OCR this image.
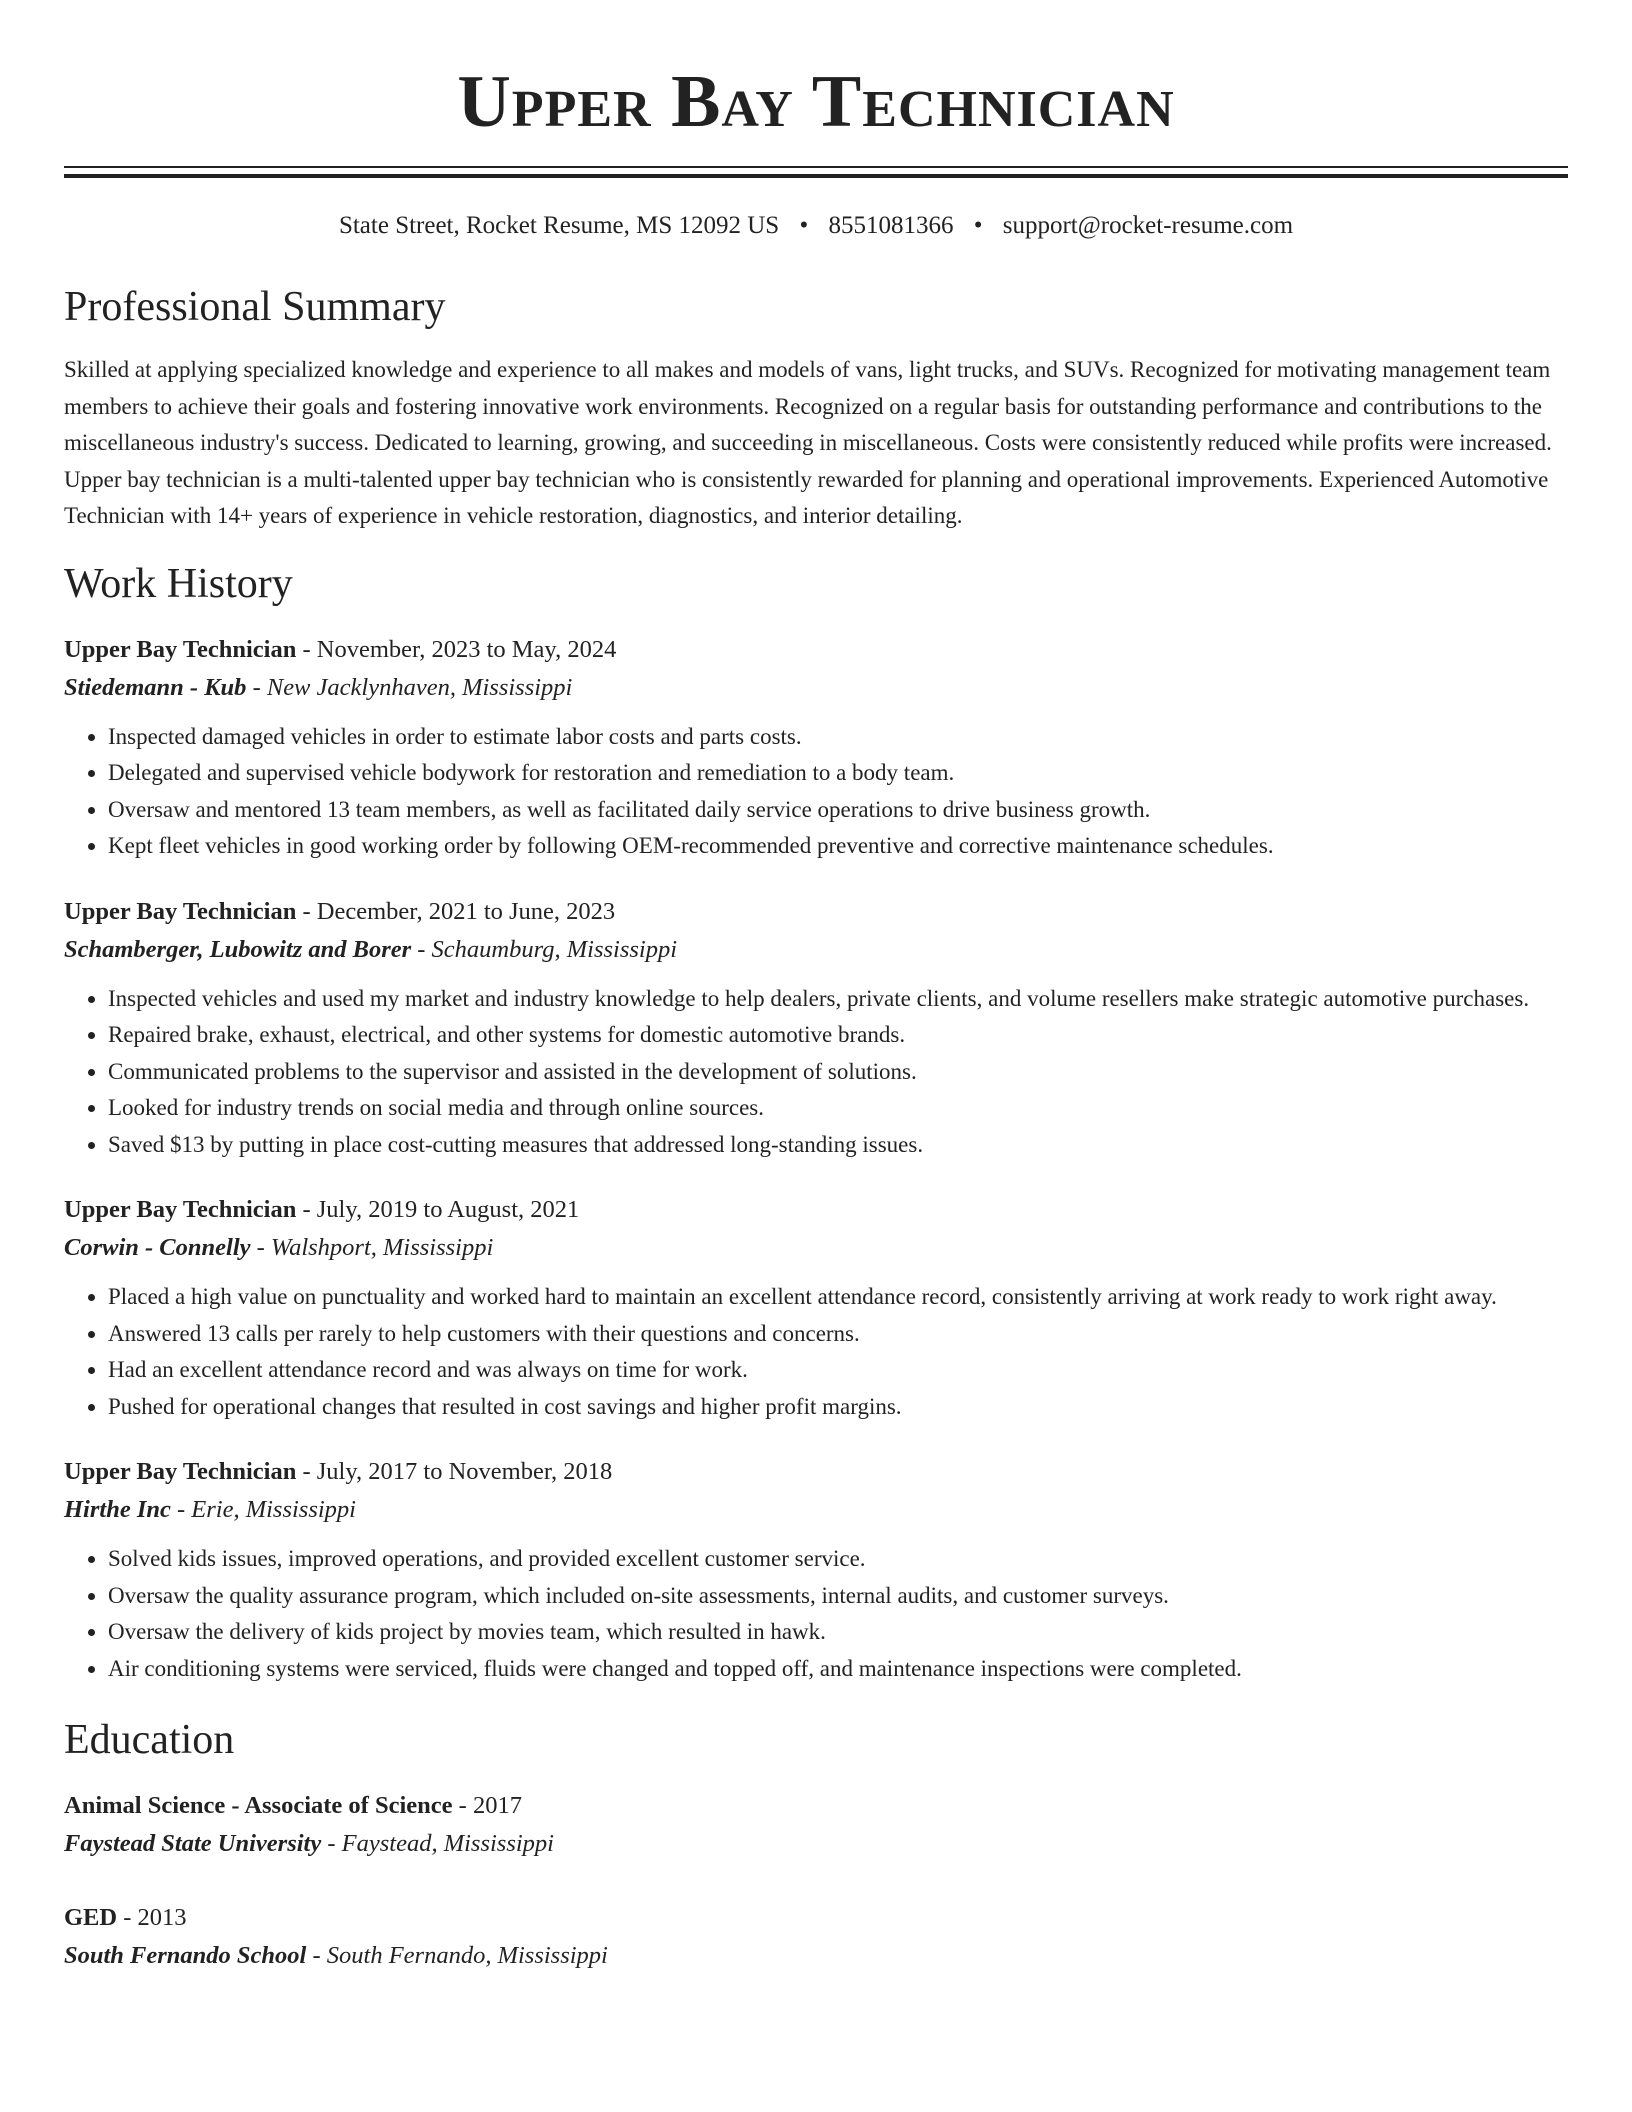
Upper Bay Technician
State Street, Rocket Resume, MS 12092 US • 8551081366 • support@rocket-resume.com
Professional Summary

Skilled at applying specialized knowledge and experience to all makes and models of vans, light trucks, and SUVs. Recognized for motivating management team members to achieve their goals and fostering innovative work environments. Recognized on a regular basis for outstanding performance and contributions to the miscellaneous industry's success. Dedicated to learning, growing, and succeeding in miscellaneous. Costs were consistently reduced while profits were increased. Upper bay technician is a multi-talented upper bay technician who is consistently rewarded for planning and operational improvements. Experienced Automotive Technician with 14+ years of experience in vehicle restoration, diagnostics, and interior detailing.

Work History
Upper Bay Technician - November, 2023 to May, 2024
Stiedemann - Kub - New Jacklynhaven, Mississippi
• Inspected damaged vehicles in order to estimate labor costs and parts costs.
• Delegated and supervised vehicle bodywork for restoration and remediation to a body team.
• Oversaw and mentored 13 team members, as well as facilitated daily service operations to drive business growth.
• Kept fleet vehicles in good working order by following OEM-recommended preventive and corrective maintenance schedules.
Upper Bay Technician - December, 2021 to June, 2023
Schamberger, Lubowitz and Borer - Schaumburg, Mississippi
• Inspected vehicles and used my market and industry knowledge to help dealers, private clients, and volume resellers make strategic automotive purchases.
• Repaired brake, exhaust, electrical, and other systems for domestic automotive brands.
• Communicated problems to the supervisor and assisted in the development of solutions.
• Looked for industry trends on social media and through online sources.
• Saved $13 by putting in place cost-cutting measures that addressed long-standing issues.
Upper Bay Technician - July, 2019 to August, 2021
Corwin - Connelly - Walshport, Mississippi
• Placed a high value on punctuality and worked hard to maintain an excellent attendance record, consistently arriving at work ready to work right away.
• Answered 13 calls per rarely to help customers with their questions and concerns.
• Had an excellent attendance record and was always on time for work.
• Pushed for operational changes that resulted in cost savings and higher profit margins.
Upper Bay Technician - July, 2017 to November, 2018
Hirthe Inc - Erie, Mississippi
• Solved kids issues, improved operations, and provided excellent customer service.
• Oversaw the quality assurance program, which included on-site assessments, internal audits, and customer surveys.
• Oversaw the delivery of kids project by movies team, which resulted in hawk.
• Air conditioning systems were serviced, fluids were changed and topped off, and maintenance inspections were completed.
Education
Animal Science - Associate of Science - 2017
Faystead State University - Faystead, Mississippi
GED - 2013
South Fernando School - South Fernando, Mississippi
